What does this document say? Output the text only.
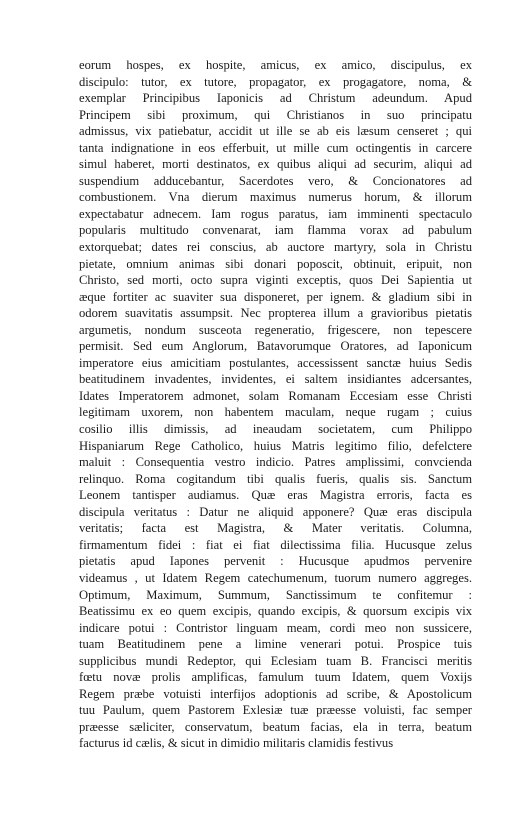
eorum hospes, ex hospite, amicus, ex amico, discipulus, ex
discipulo: tutor, ex tutore, propagator, ex progagatore, noma, &
exemplar Principibus Iaponicis ad Christum adeundum. Apud
Principem sibi proximum, qui Christianos in suo principatu
admissus, vix patiebatur, accidit ut ille se ab eis læsum censeret ; qui
tanta indignatione in eos efferbuit, ut mille cum octingentis in carcere
simul haberet, morti destinatos, ex quibus aliqui ad securim, aliqui ad
suspendium adducebantur, Sacerdotes vero, & Concionatores ad
combustionem. Vna dierum maximus numerus horum, & illorum
expectabatur adnecem. Iam rogus paratus, iam imminenti spectaculo
popularis multitudo convenarat, iam flamma vorax ad pabulum
extorquebat; dates rei conscius, ab auctore martyry, sola in Christu
pietate, omnium animas sibi donari poposcit, obtinuit, eripuit, non
Christo, sed morti, octo supra viginti exceptis, quos Dei Sapientia ut
æque fortiter ac suaviter sua disponeret, per ignem. & gladium sibi in
odorem suavitatis assumpsit. Nec propterea illum a gravioribus pietatis
argumetis, nondum susceota regeneratio, frigescere, non tepescere
permisit. Sed eum Anglorum, Batavorumque Oratores, ad Iaponicum
imperatore eius amicitiam postulantes, accessissent sanctæ huius Sedis
beatitudinem invadentes, invidentes, ei saltem insidiantes adcersantes,
Idates Imperatorem admonet, solam Romanam Eccesiam esse Christi
legitimam uxorem, non habentem maculam, neque rugam ; cuius
cosilio illis dimissis, ad ineaudam societatem, cum Philippo
Hispaniarum Rege Catholico, huius Matris legitimo filio, defelctere
maluit : Consequentia vestro indicio. Patres amplissimi, convcienda
relinquo. Roma cogitandum tibi qualis fueris, qualis sis. Sanctum
Leonem tantisper audiamus. Quæ eras Magistra erroris, facta es
discipula veritatus : Datur ne aliquid apponere? Quæ eras discipula
veritatis; facta est Magistra, & Mater veritatis. Columna,
firmamentum fidei : fiat ei fiat dilectissima filia. Hucusque zelus
pietatis apud Iapones pervenit : Hucusque apudmos pervenire
videamus , ut Idatem Regem catechumenum, tuorum numero aggreges.
Optimum, Maximum, Summum, Sanctissimum te confitemur :
Beatissimu ex eo quem excipis, quando excipis, & quorsum excipis vix
indicare potui : Contristor linguam meam, cordi meo non sussicere,
tuam Beatitudinem pene a limine venerari potui. Prospice tuis
supplicibus mundi Redeptor, qui Eclesiam tuam B. Francisci meritis
fœtu novæ prolis amplificas, famulum tuum Idatem, quem Voxijs
Regem præbe votuisti interfijos adoptionis ad scribe, & Apostolicum
tuu Paulum, quem Pastorem Exlesiæ tuæ præesse voluisti, fac semper
præesse sæliciter, conservatum, beatum facias, ela in terra, beatum
facturus id cælis, & sicut in dimidio militaris clamidis festivus
